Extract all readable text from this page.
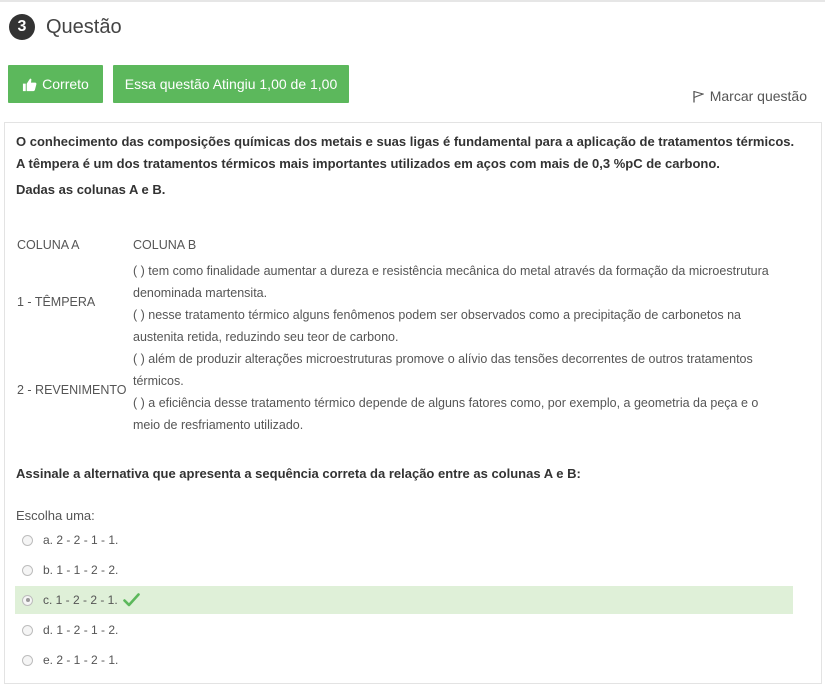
3 Questão
Correto	Essa questão Atingiu 1,00 de 1,00
Marcar questão
O conhecimento das composições químicas dos metais e suas ligas é fundamental para a aplicação de tratamentos térmicos. A têmpera é um dos tratamentos térmicos mais importantes utilizados em aços com mais de 0,3 %pC de carbono.
Dadas as colunas A e B.
COLUNA A	COLUNA B
1 - TÊMPERA
2 - REVENIMENTO
( ) tem como finalidade aumentar a dureza e resistência mecânica do metal através da formação da microestrutura denominada martensita.
( ) nesse tratamento térmico alguns fenômenos podem ser observados como a precipitação de carbonetos na austenita retida, reduzindo seu teor de carbono.
( ) além de produzir alterações microestruturas promove o alívio das tensões decorrentes de outros tratamentos térmicos.
( ) a eficiência desse tratamento térmico depende de alguns fatores como, por exemplo, a geometria da peça e o meio de resfriamento utilizado.
Assinale a alternativa que apresenta a sequência correta da relação entre as colunas A e B:
Escolha uma:
a. 2 - 2 - 1 - 1.
b. 1 - 1 - 2 - 2.
c. 1 - 2 - 2 - 1.
d. 1 - 2 - 1 - 2.
e. 2 - 1 - 2 - 1.
